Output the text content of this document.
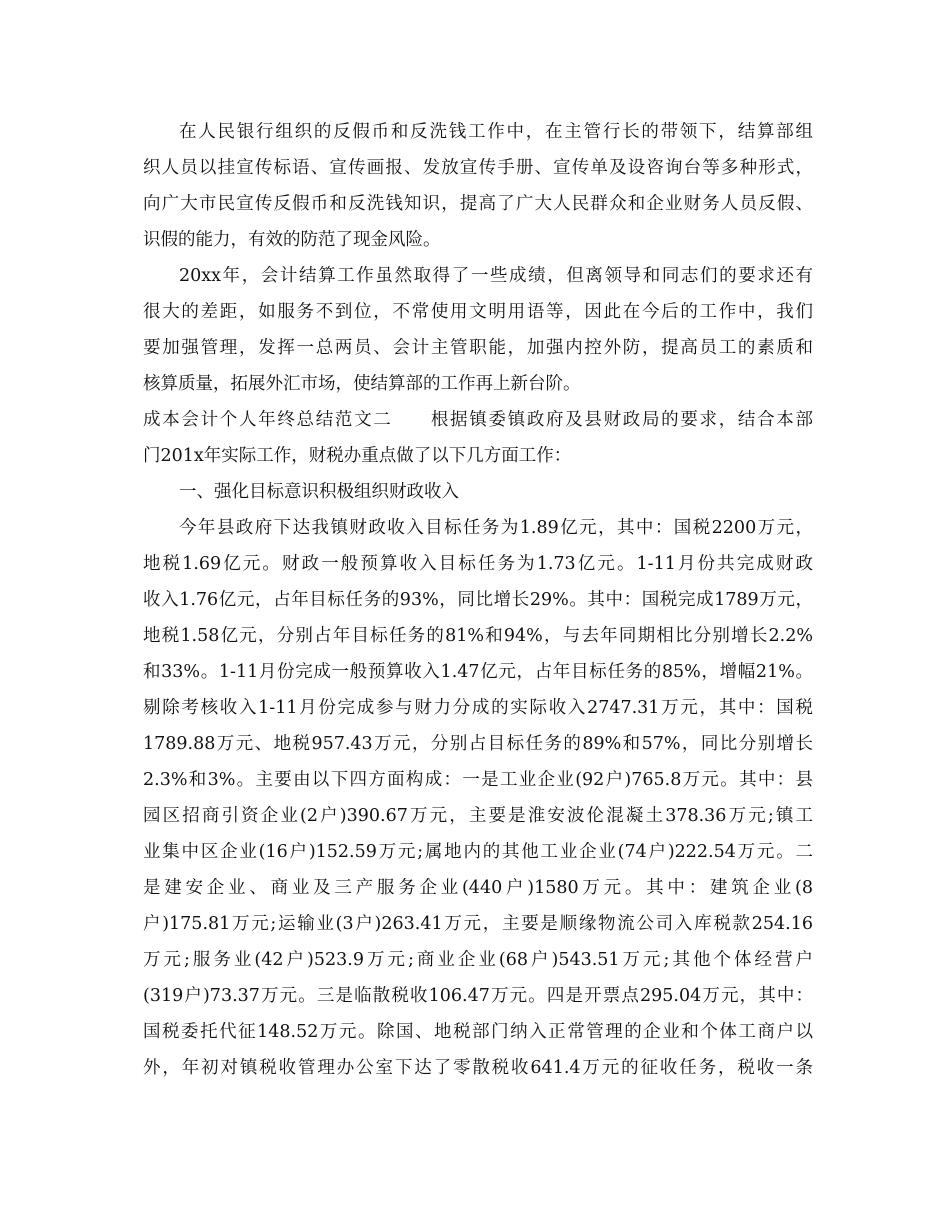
在人民银行组织的反假币和反洗钱工作中，在主管行长的带领下，结算部组
织人员以挂宣传标语、宣传画报、发放宣传手册、宣传单及设咨询台等多种形式，
向广大市民宣传反假币和反洗钱知识，提高了广大人民群众和企业财务人员反假、
识假的能力，有效的防范了现金风险。
20xx年，会计结算工作虽然取得了一些成绩，但离领导和同志们的要求还有
很大的差距，如服务不到位，不常使用文明用语等，因此在今后的工作中，我们
要加强管理，发挥一总两员、会计主管职能，加强内控外防，提高员工的素质和
核算质量，拓展外汇市场，使结算部的工作再上新台阶。
成本会计个人年终总结范文二　　根据镇委镇政府及县财政局的要求，结合本部
门201x年实际工作，财税办重点做了以下几方面工作：
一、强化目标意识积极组织财政收入
今年县政府下达我镇财政收入目标任务为1.89亿元，其中：国税2200万元，
地税1.69亿元。财政一般预算收入目标任务为1.73亿元。1-11月份共完成财政
收入1.76亿元，占年目标任务的93%，同比增长29%。其中：国税完成1789万元，
地税1.58亿元，分别占年目标任务的81%和94%，与去年同期相比分别增长2.2%
和33%。1-11月份完成一般预算收入1.47亿元，占年目标任务的85%，增幅21%。
剔除考核收入1-11月份完成参与财力分成的实际收入2747.31万元，其中：国税
1789.88万元、地税957.43万元，分别占目标任务的89%和57%，同比分别增长
2.3%和3%。主要由以下四方面构成：一是工业企业(92户)765.8万元。其中：县
园区招商引资企业(2户)390.67万元，主要是淮安波伦混凝土378.36万元;镇工
业集中区企业(16户)152.59万元;属地内的其他工业企业(74户)222.54万元。二
是建安企业、商业及三产服务企业(440户)1580万元。其中：建筑企业(8
户)175.81万元;运输业(3户)263.41万元，主要是顺缘物流公司入库税款254.16
万元;服务业(42户)523.9万元;商业企业(68户)543.51万元;其他个体经营户
(319户)73.37万元。三是临散税收106.47万元。四是开票点295.04万元，其中：
国税委托代征148.52万元。除国、地税部门纳入正常管理的企业和个体工商户以
外，年初对镇税收管理办公室下达了零散税收641.4万元的征收任务，税收一条
